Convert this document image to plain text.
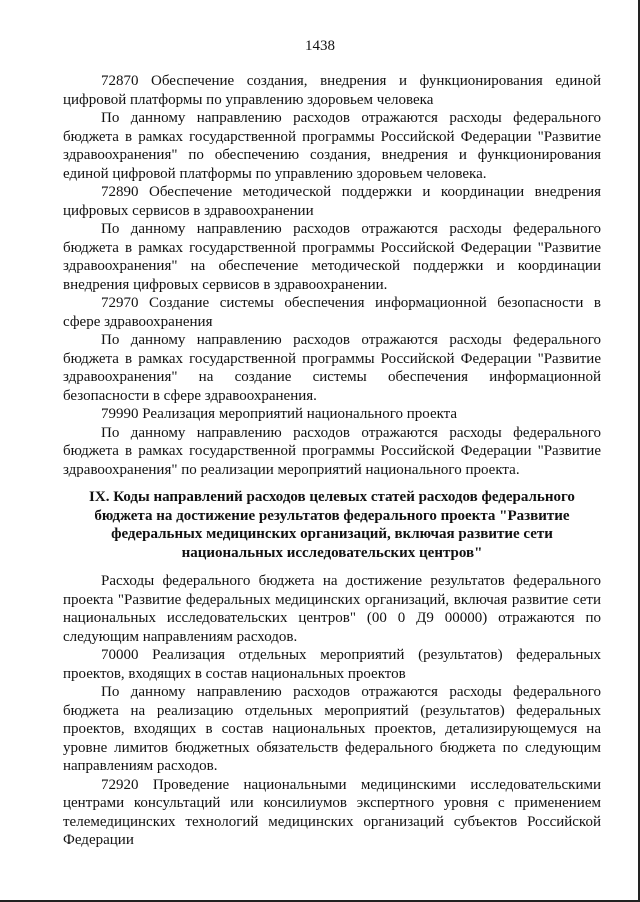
1438

72870 Обеспечение создания, внедрения и функционирования единой цифровой платформы по управлению здоровьем человека

По данному направлению расходов отражаются расходы федерального бюджета в рамках государственной программы Российской Федерации "Развитие здравоохранения" по обеспечению создания, внедрения и функционирования единой цифровой платформы по управлению здоровьем человека.

72890 Обеспечение методической поддержки и координации внедрения цифровых сервисов в здравоохранении

По данному направлению расходов отражаются расходы федерального бюджета в рамках государственной программы Российской Федерации "Развитие здравоохранения" на обеспечение методической поддержки и координации внедрения цифровых сервисов в здравоохранении.

72970 Создание системы обеспечения информационной безопасности в сфере здравоохранения

По данному направлению расходов отражаются расходы федерального бюджета в рамках государственной программы Российской Федерации "Развитие здравоохранения" на создание системы обеспечения информационной безопасности в сфере здравоохранения.

79990 Реализация мероприятий национального проекта

По данному направлению расходов отражаются расходы федерального бюджета в рамках государственной программы Российской Федерации "Развитие здравоохранения" по реализации мероприятий национального проекта.

IX. Коды направлений расходов целевых статей расходов федерального бюджета на достижение результатов федерального проекта "Развитие федеральных медицинских организаций, включая развитие сети национальных исследовательских центров"

Расходы федерального бюджета на достижение результатов федерального проекта "Развитие федеральных медицинских организаций, включая развитие сети национальных исследовательских центров" (00 0 Д9 00000) отражаются по следующим направлениям расходов.

70000 Реализация отдельных мероприятий (результатов) федеральных проектов, входящих в состав национальных проектов

По данному направлению расходов отражаются расходы федерального бюджета на реализацию отдельных мероприятий (результатов) федеральных проектов, входящих в состав национальных проектов, детализирующемуся на уровне лимитов бюджетных обязательств федерального бюджета по следующим направлениям расходов.

72920 Проведение национальными медицинскими исследовательскими центрами консультаций или консилиумов экспертного уровня с применением телемедицинских технологий медицинских организаций субъектов Российской Федерации
